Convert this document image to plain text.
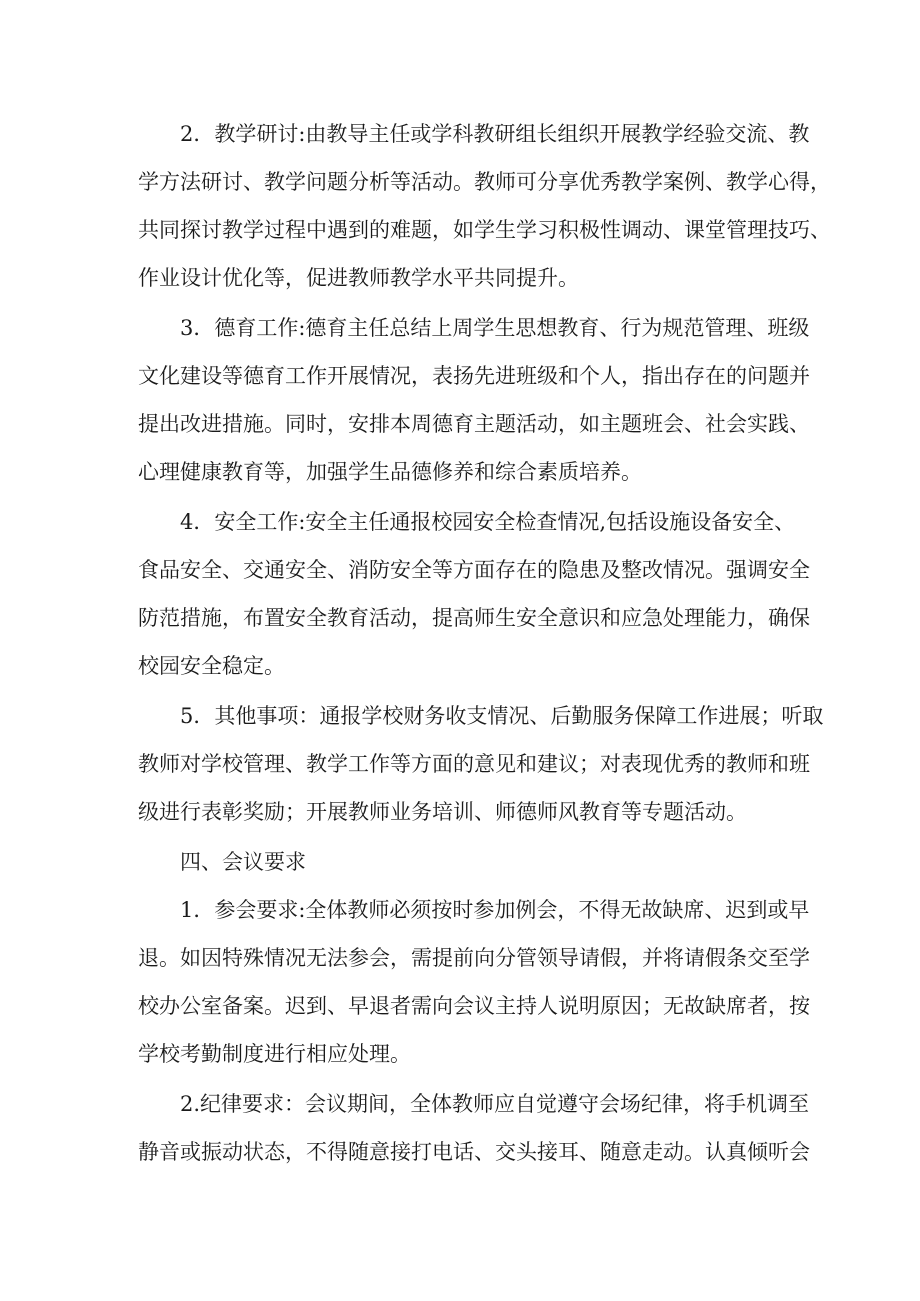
2．教学研讨:由教导主任或学科教研组长组织开展教学经验交流、教
学方法研讨、教学问题分析等活动。教师可分享优秀教学案例、教学心得，
共同探讨教学过程中遇到的难题，如学生学习积极性调动、课堂管理技巧、
作业设计优化等，促进教师教学水平共同提升。
3．德育工作:德育主任总结上周学生思想教育、行为规范管理、班级
文化建设等德育工作开展情况，表扬先进班级和个人，指出存在的问题并
提出改进措施。同时，安排本周德育主题活动，如主题班会、社会实践、
心理健康教育等，加强学生品德修养和综合素质培养。
4．安全工作:安全主任通报校园安全检查情况,包括设施设备安全、
食品安全、交通安全、消防安全等方面存在的隐患及整改情况。强调安全
防范措施，布置安全教育活动，提高师生安全意识和应急处理能力，确保
校园安全稳定。
5．其他事项：通报学校财务收支情况、后勤服务保障工作进展；听取
教师对学校管理、教学工作等方面的意见和建议；对表现优秀的教师和班
级进行表彰奖励；开展教师业务培训、师德师风教育等专题活动。
四、会议要求
1．参会要求:全体教师必须按时参加例会，不得无故缺席、迟到或早
退。如因特殊情况无法参会，需提前向分管领导请假，并将请假条交至学
校办公室备案。迟到、早退者需向会议主持人说明原因；无故缺席者，按
学校考勤制度进行相应处理。
2.纪律要求：会议期间，全体教师应自觉遵守会场纪律，将手机调至
静音或振动状态，不得随意接打电话、交头接耳、随意走动。认真倾听会
